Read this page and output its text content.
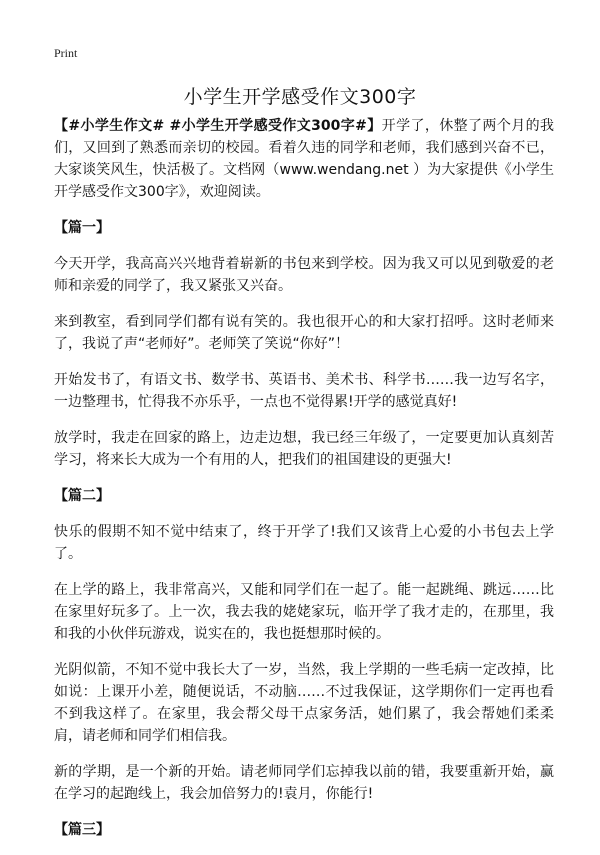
Print
小学生开学感受作文300字

【#小学生作文# #小学生开学感受作文300字#】开学了，休整了两个月的我们，又回到了熟悉而亲切的校园。看着久违的同学和老师，我们感到兴奋不已，大家谈笑风生，快活极了。文档网（www.wendang.net ）为大家提供《小学生开学感受作文300字》，欢迎阅读。

【篇一】

今天开学，我高高兴兴地背着崭新的书包来到学校。因为我又可以见到敬爱的老师和亲爱的同学了，我又紧张又兴奋。

来到教室，看到同学们都有说有笑的。我也很开心的和大家打招呼。这时老师来了，我说了声“老师好”。老师笑了笑说“你好”！

开始发书了，有语文书、数学书、英语书、美术书、科学书……我一边写名字，一边整理书，忙得我不亦乐乎，一点也不觉得累!开学的感觉真好!

放学时，我走在回家的路上，边走边想，我已经三年级了，一定要更加认真刻苦学习，将来长大成为一个有用的人，把我们的祖国建设的更强大!

【篇二】

快乐的假期不知不觉中结束了，终于开学了!我们又该背上心爱的小书包去上学了。

在上学的路上，我非常高兴，又能和同学们在一起了。能一起跳绳、跳远……比在家里好玩多了。上一次，我去我的姥姥家玩，临开学了我才走的，在那里，我和我的小伙伴玩游戏，说实在的，我也挺想那时候的。

光阴似箭，不知不觉中我长大了一岁，当然，我上学期的一些毛病一定改掉，比如说：上课开小差，随便说话，不动脑……不过我保证，这学期你们一定再也看不到我这样了。在家里，我会帮父母干点家务活，她们累了，我会帮她们柔柔肩，请老师和同学们相信我。

新的学期，是一个新的开始。请老师同学们忘掉我以前的错，我要重新开始，赢在学习的起跑线上，我会加倍努力的!袁月，你能行!

【篇三】
